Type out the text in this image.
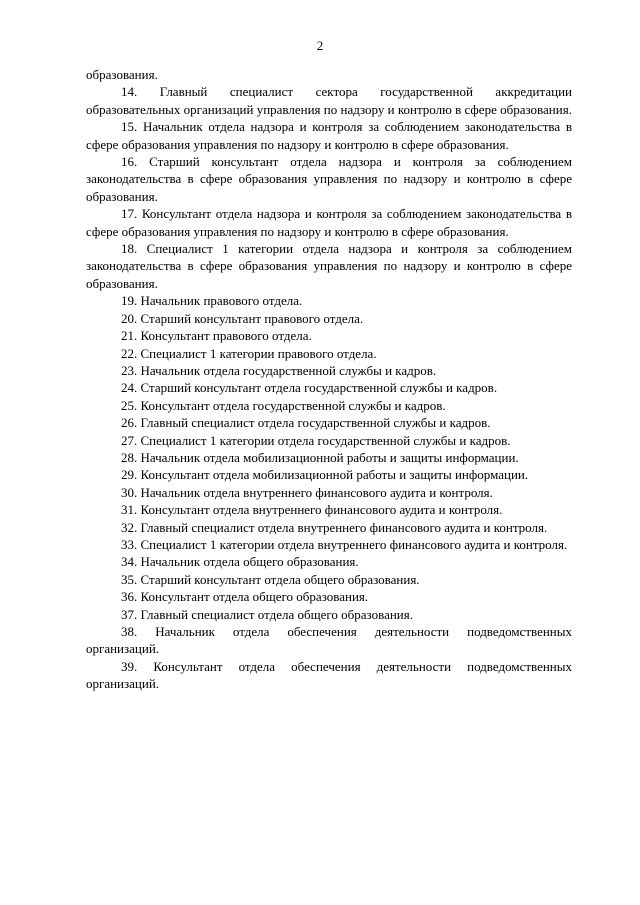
2

образования.

14. Главный специалист сектора государственной аккредитации образовательных организаций управления по надзору и контролю в сфере образования.

15. Начальник отдела надзора и контроля за соблюдением законодательства в сфере образования управления по надзору и контролю в сфере образования.

16. Старший консультант отдела надзора и контроля за соблюдением законодательства в сфере образования управления по надзору и контролю в сфере образования.

17. Консультант отдела надзора и контроля за соблюдением законодательства в сфере образования управления по надзору и контролю в сфере образования.

18. Специалист 1 категории отдела надзора и контроля за соблюдением законодательства в сфере образования управления по надзору и контролю в сфере образования.

19. Начальник правового отдела.

20. Старший консультант правового отдела.

21. Консультант правового отдела.

22. Специалист 1 категории правового отдела.

23. Начальник отдела государственной службы и кадров.

24. Старший консультант отдела государственной службы и кадров.

25. Консультант отдела государственной службы и кадров.

26. Главный специалист отдела государственной службы и кадров.

27. Специалист 1 категории отдела государственной службы и кадров.

28. Начальник отдела мобилизационной работы и защиты информации.

29. Консультант отдела мобилизационной работы и защиты информации.

30. Начальник отдела внутреннего финансового аудита и контроля.

31. Консультант отдела внутреннего финансового аудита и контроля.

32. Главный специалист отдела внутреннего финансового аудита и контроля.

33. Специалист 1 категории отдела внутреннего финансового аудита и контроля.

34. Начальник отдела общего образования.

35. Старший консультант отдела общего образования.

36. Консультант отдела общего образования.

37. Главный специалист отдела общего образования.

38. Начальник отдела обеспечения деятельности подведомственных организаций.

39. Консультант отдела обеспечения деятельности подведомственных организаций.
